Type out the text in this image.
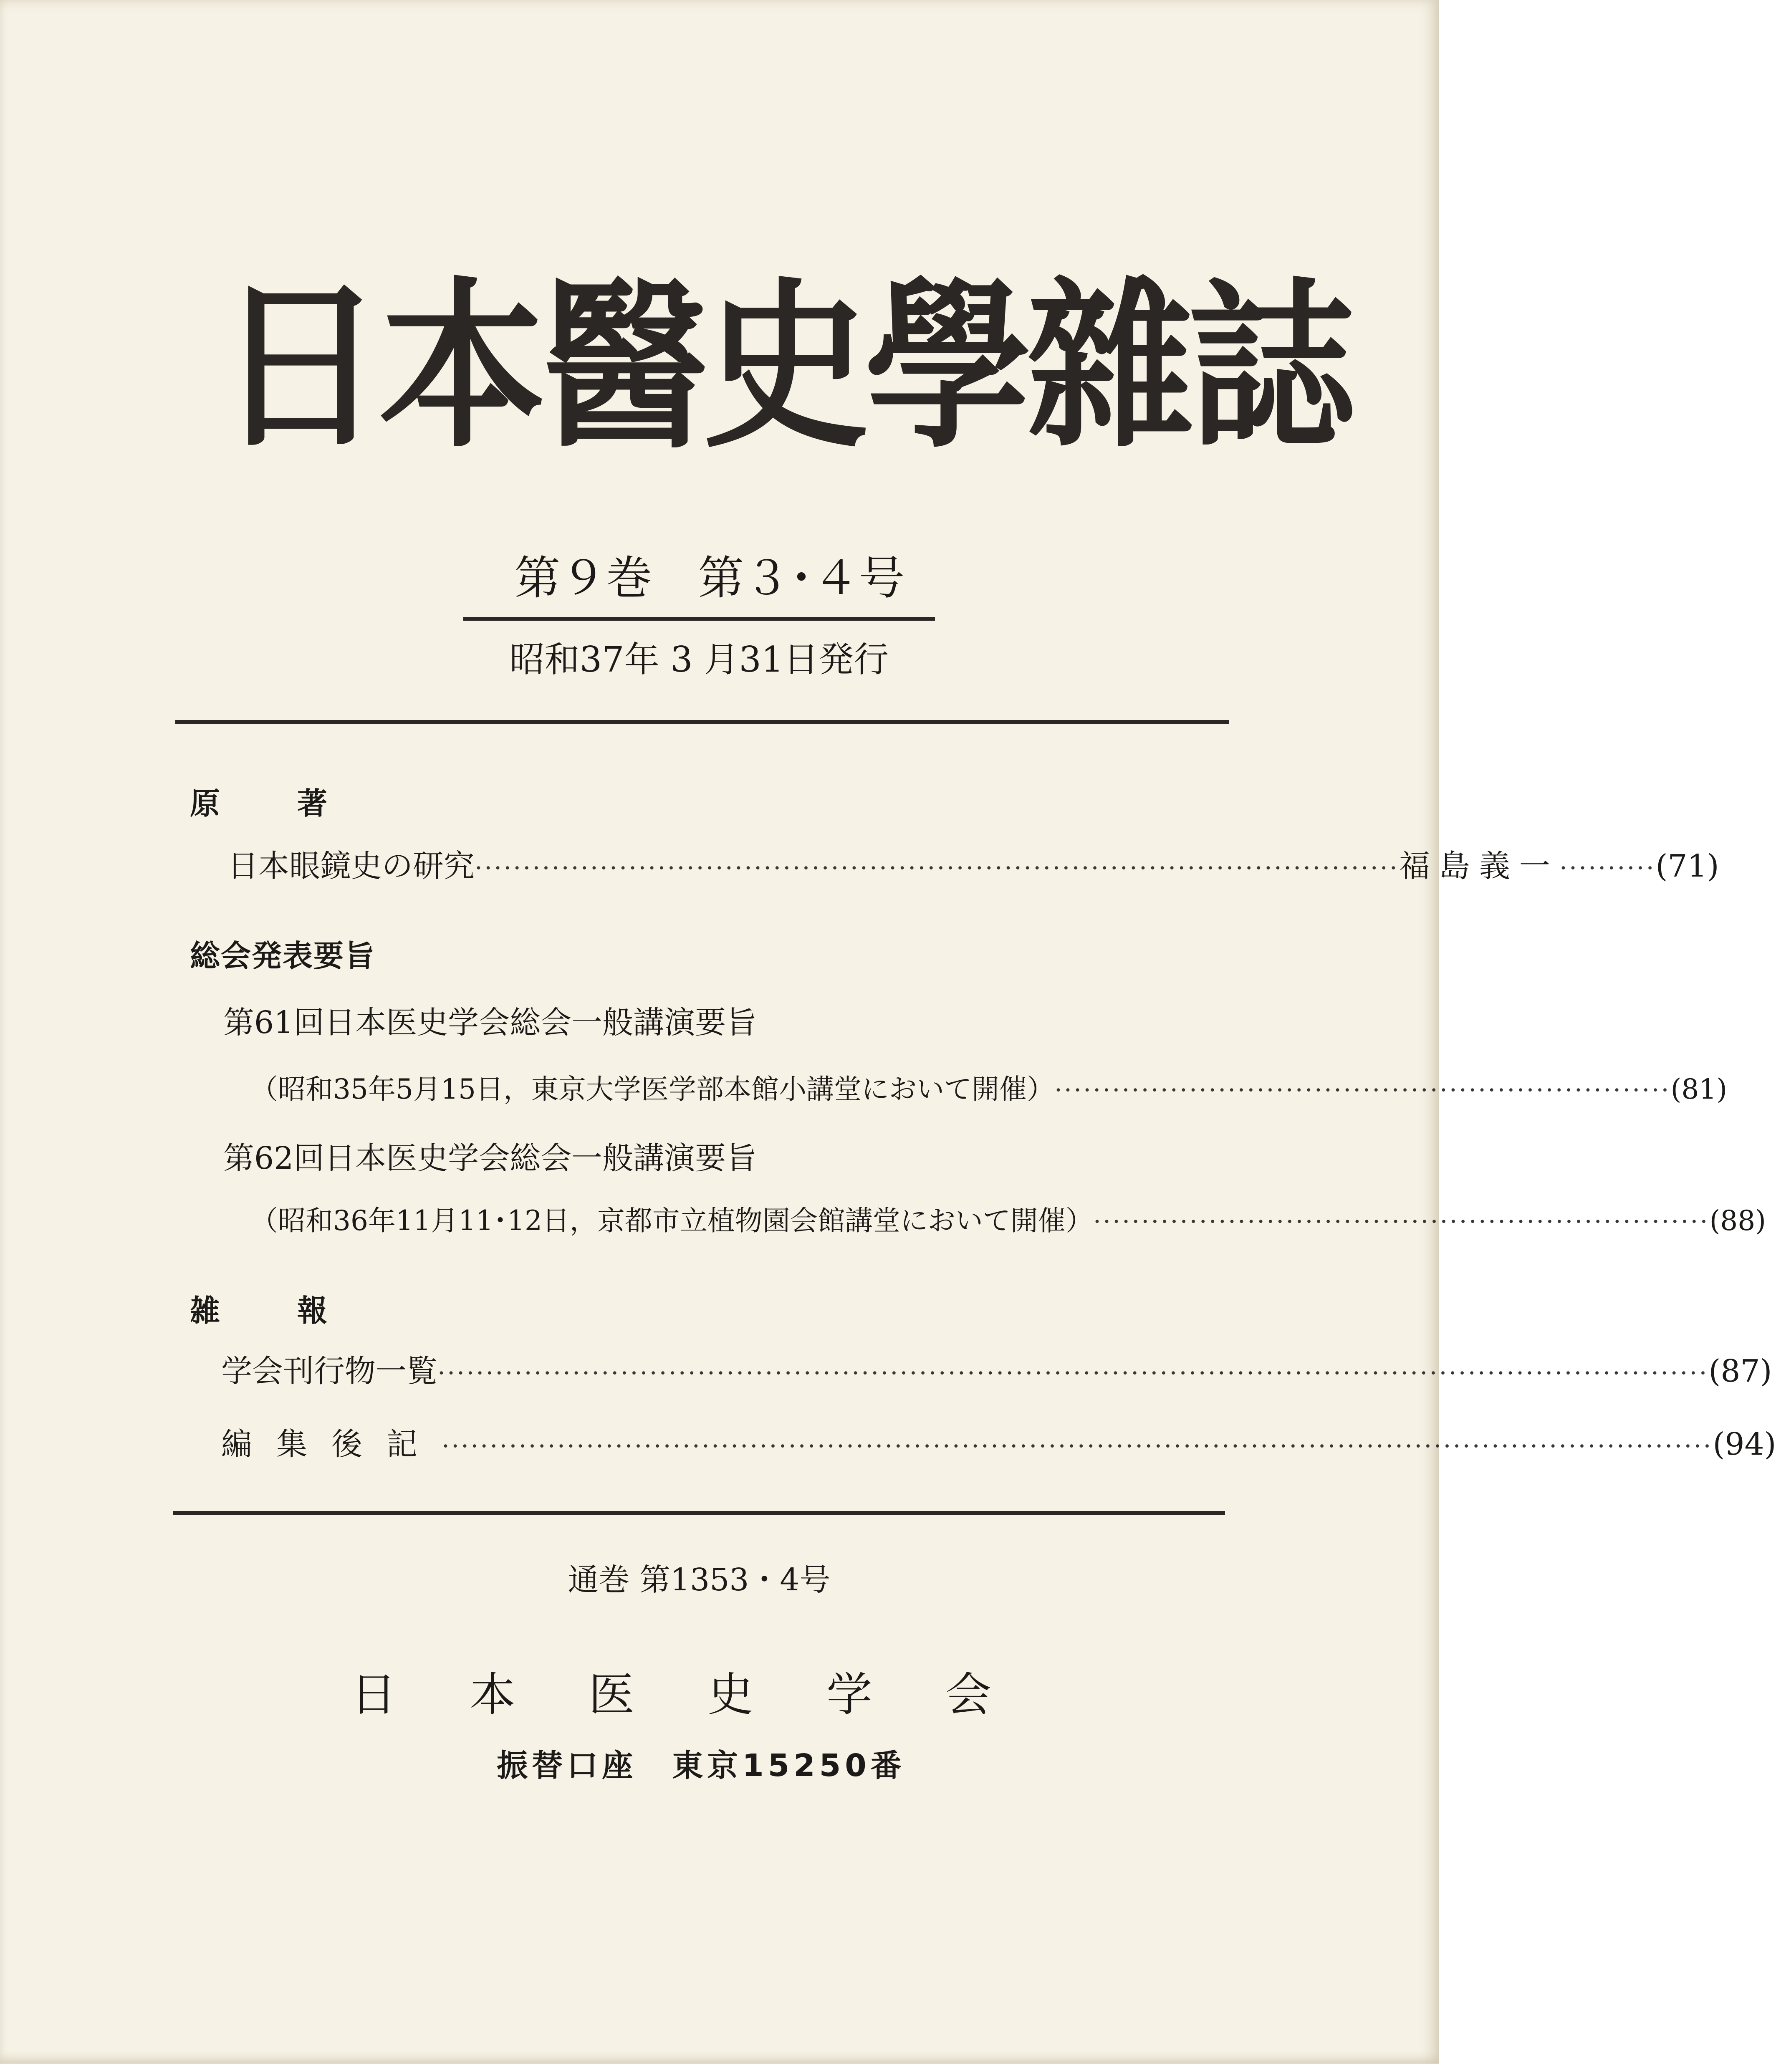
日本醫史學雜誌
第９巻　第３･４号
昭和37年 3 月31日発行
原著
日本眼鏡史の研究 ································································································ 福島義一 ·········· (71)
総会発表要旨
第61回日本医史学会総会一般講演要旨
（昭和35年5月15日，東京大学医学部本館小講堂において開催） ································································ (81)
第62回日本医史学会総会一般講演要旨
（昭和36年11月11･12日，京都市立植物園会館講堂において開催） ································································ (88)
雑報
学会刊行物一覧 ···································································································································· (87)
編集後記 ···································································································································· (94)
通巻 第1353・4号
日本医史学会
振替口座　東京15250番
